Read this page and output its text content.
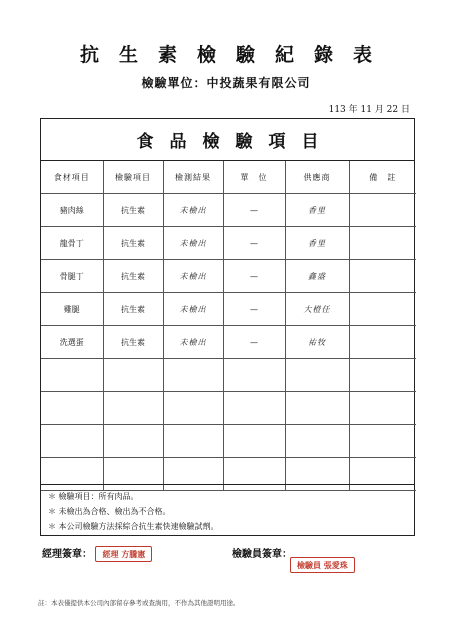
抗生素檢驗紀錄表
檢驗單位：中投蔬果有限公司
113 年 11 月 22 日
食品檢驗項目
食材項目	檢驗項目	檢測結果	單　位	供應商	備　註
豬肉絲	抗生素	未檢出	—	香里	
龍骨丁	抗生素	未檢出	—	香里	
骨腿丁	抗生素	未檢出	—	鑫盛	
雞腿	抗生素	未檢出	—	大橙任	
洗選蛋	抗生素	未檢出	—	祐牧	

＊ 檢驗項目：所有肉品。
＊ 未檢出為合格、檢出為不合格。
＊ 本公司檢驗方法採綜合抗生素快速檢驗試劑。
經理簽章： 經理 方騰憲	檢驗員簽章：
檢驗員 張愛珠
註：本表僅提供本公司內部留存參考或查詢用，不作為其他證明用途。
